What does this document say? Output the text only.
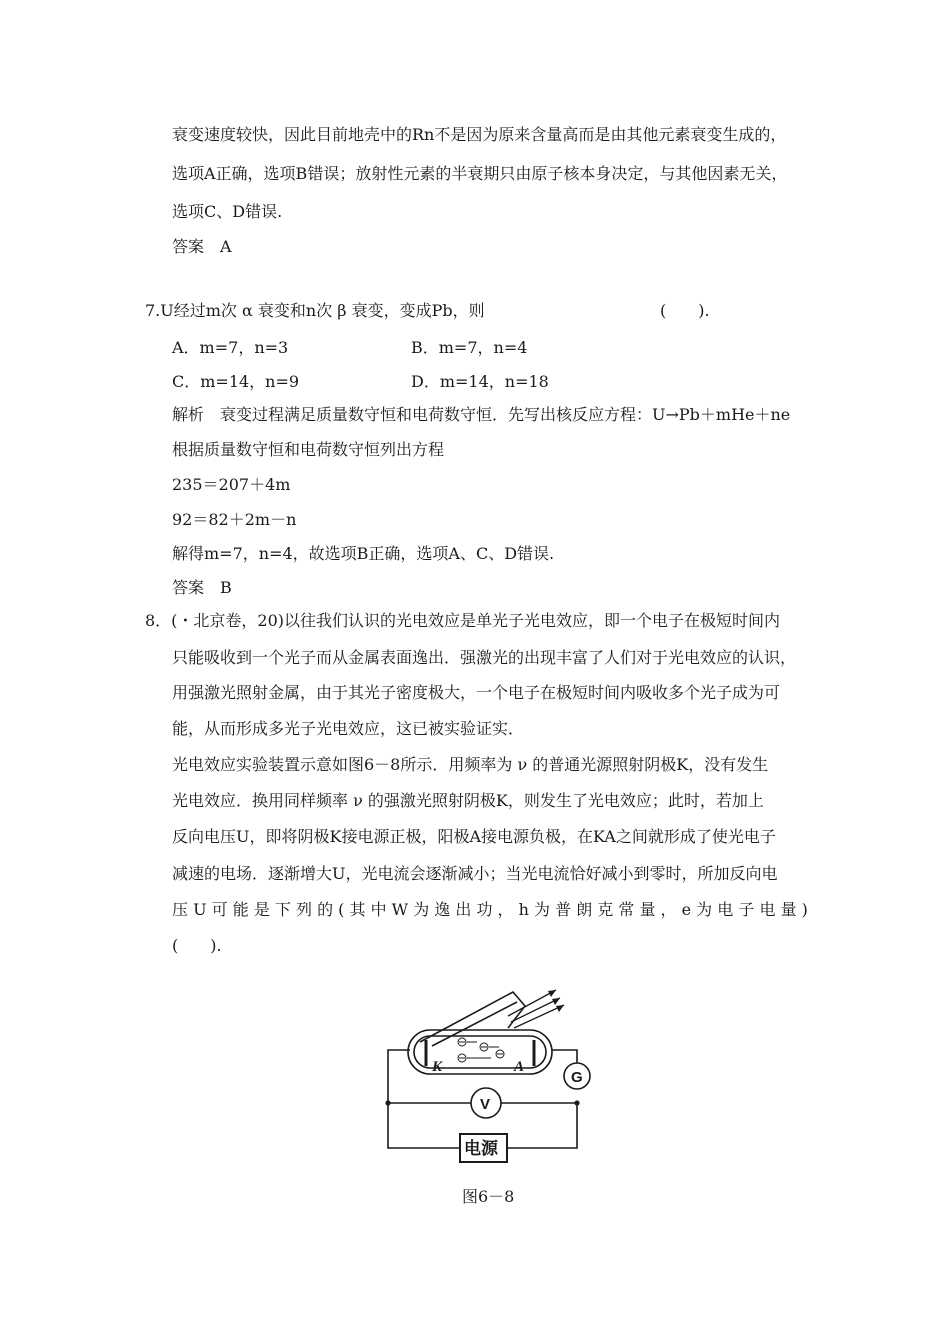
衰变速度较快，因此目前地壳中的Rn不是因为原来含量高而是由其他元素衰变生成的，
选项A正确，选项B错误；放射性元素的半衰期只由原子核本身决定，与其他因素无关，
选项C、D错误.
答案　A
7.U经过m次 α 衰变和n次 β 衰变，变成Pb，则	(　　).
A．m=7，n=3	B．m=7，n=4
C．m=14，n=9	D．m=14，n=18
解析　衰变过程满足质量数守恒和电荷数守恒．先写出核反应方程：U→Pb＋mHe＋ne
根据质量数守恒和电荷数守恒列出方程
235＝207＋4m
92＝82＋2m－n
解得m=7，n=4，故选项B正确，选项A、C、D错误.
答案　B
8．(・北京卷，20)以往我们认识的光电效应是单光子光电效应，即一个电子在极短时间内
只能吸收到一个光子而从金属表面逸出．强激光的出现丰富了人们对于光电效应的认识，
用强激光照射金属，由于其光子密度极大，一个电子在极短时间内吸收多个光子成为可
能，从而形成多光子光电效应，这已被实验证实．
光电效应实验装置示意如图6－8所示．用频率为 ν 的普通光源照射阴极K，没有发生
光电效应．换用同样频率 ν 的强激光照射阴极K，则发生了光电效应；此时，若加上
反向电压U，即将阴极K接电源正极，阳极A接电源负极，在KA之间就形成了使光电子
减速的电场．逐渐增大U，光电流会逐渐减小；当光电流恰好减小到零时，所加反向电
压 U 可 能 是 下 列 的 ( 其 中 W 为 逸 出 功 ， h 为 普 朗 克 常 量 ， e 为 电 子 电 量 )
(　　).
K	A
G
V
电源
图6－8
